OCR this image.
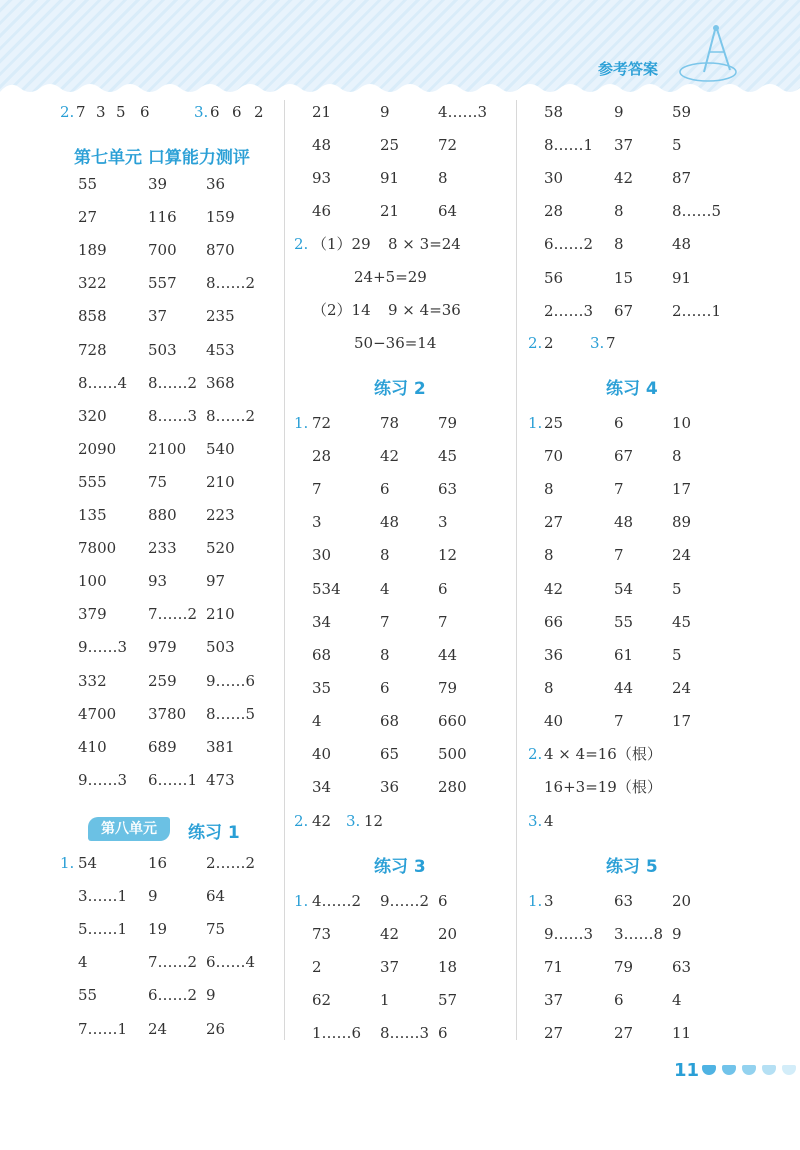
参考答案
2. 7 3 5 6	3. 6 6 2
第七单元 口算能力测评
55	39	36
27	116 159
189	700 870
322	557 8……2
858	37	235
728	503 453
8……4 8……2 368
320	8……3 8……2
2090 2100 540
555	75	210
135	880 223
7800 233 520
100	93	97
379	7……2 210
9……3 979 503
332	259 9……6
4700 3780 8……5
410	689 381
9……3 6……1 473
第八单元	练习 1
1. 54	16	2……2
3……1 9	64
5……1 19	75
4	7……2 6……4
55	6……2 9
7……1 24	26
21	9	4……3
48	25	72
93	91	8
46	21	64
2. （1）29 8 × 3=24
24+5=29
（2）14 9 × 4=36
50−36=14
练习 2
1. 72	78	79
28	42	45
7	6	63
3	48	3
30	8	12
534	4	6
34	7	7
68	8	44
35	6	79
4	68	660
40	65	500
34	36	280
2. 42 3. 12
练习 3
1. 4……2 9……2 6
73	42	20
2	37	18
62	1	57
1……6 8……3 6
58	9	59
8……1 37	5
30	42	87
28	8	8……5
6……2 8	48
56	15	91
2……3 67	2……1
2. 2 3. 7
练习 4
1. 25	6	10
70	67	8
8	7	17
27	48	89
8	7	24
42	54	5
66	55	45
36	61	5
8	44	24
40	7	17
2. 4 × 4=16（根）
16+3=19（根）
3. 4
练习 5
1. 3	63	20
9……3 3……8 9
71	79	63
37	6	4
27	27	11
11
